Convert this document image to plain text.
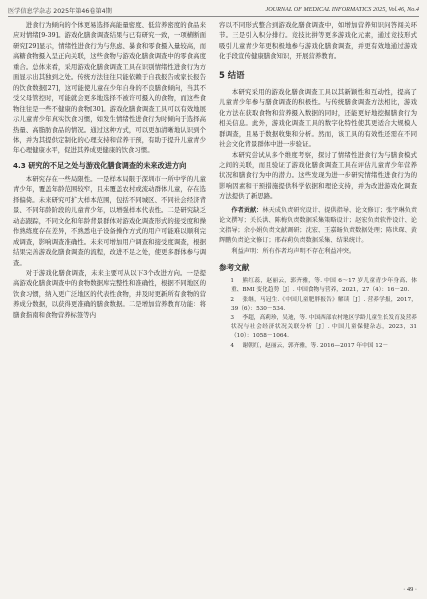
医学信息学杂志 2025年第46卷第4期	JOURNAL OF MEDICAL INFORMATICS 2025, Vol.46, No.4

进食行为倾向的个体更易选择高能量密度、低营养密度的食品来应对情绪[9-39]。游戏化膳食调查结果与已有研究一致，一项横断面研究[29]显示，情绪性进食行为与焦虑、暴食和零食摄入量较高，而高糖食物摄入呈正向关联，这些食物与游戏化膳食调查中的零食高度重合。总体来看，采用游戏化膳食调查工具在识别情绪性进食行为方面显示出其独到之处。传统方法往往只能依赖于自我报告或家长报告的饮食数据[27]，这可能使儿童在少年自身的不良膳食倾向，当其不受父母管控时，可能就会更多地选择不被许可摄入的食物，而这些食物往往是一些不健康的食物[30]。游戏化膳食调查工具可以有效地展示儿童青少年真实饮食习惯，如发生情绪性进食行为时倾向于选择高热量、高脂肪食品的情况。通过这种方式，可以更加清晰地认识到个体，并为其提供定制化的心理支持和营养干预，有助于提升儿童青少年心理健康水平，促进其养成更健康的饮食习惯。

4.3 研究的不足之处与游戏化膳食调查的未来改进方向

本研究存在一些局限性。一是样本局限于深圳市一所中学的儿童青少年，覆盖年龄范围较窄，且未覆盖农村或流动群体儿童，存在选择偏倚。未来研究可扩大样本范围，包括不同城区、不同社会经济背景、不同年龄阶段的儿童青少年，以增强样本代表性。二是研究缺乏动态跟踪，不同文化和年龄背景群体对游戏化调查形式的接受度和操作熟练度存在差异，不熟悉电子设备操作方式的用户可能难以顺利完成调查，影响调查准确性。未来可增加用户调查和接受度调查，根据结果完善游戏化膳食调查的流程，改进不足之处，使更多群体参与调查。

对于游戏化膳食调查，未来主要可从以下3个改进方向。一是提高游戏化膳食调查中的食物数据库完整性和准确性，根据不同地区的饮食习惯，纳入更广泛地区的代表性食物，并及时更新所有食物的营养成分数据，以获得更准确的膳食数据。二是增加营养教育功能：将膳食指南和食物营养标签等内

容以不同形式整合到游戏化膳食调查中，如增加营养知识问答闯关环节。三是引入积分排行。竞技比拼等更多游戏化元素，通过竞技形式吸引儿童青少年更积极地参与游戏化膳食调查，并更有效地通过游戏化手段宣传健康膳食知识，开展营养教育。

5 结语

本研究采用的游戏化膳食调查工具以其新颖性和互动性，提高了儿童青少年参与膳食调查的积极性。与传统膳食调查方法相比，游戏化方法在获取食物和营养摄入数据的同时，还能更好地挖掘膳食行为相关信息。此外，游戏化调查工具的数字化特性使其更适合大规模人群调查，且易于数据收集和分析。然而，该工具的有效性还需在不同社会文化背景群体中进一步验证。

本研究尝试从多个维度考察，探讨了情绪性进食行为与膳食模式之间的关联，而且验证了游戏化膳食调查工具在评估儿童青少年营养状况和膳食行为中的潜力。这些发现为进一步研究情绪性进食行为的影响因素和干预措施提供科学依据和理论支持，并为改进游戏化调查方法提供了新思路。

作者贡献：林天成负责研究设计、提供指导、论文修订；张宇琳负责论文撰写；关长洪、陈梅负责数据采集策略设计；赵宏负责软件设计、论文指导；余小娟负责文献调研；沈宏、王嘉旸负责数据处理；陈世琛、黄辉鹏负责论文修订；邢春莉负责数据采集、结果统计。

利益声明：所有作者均声明不存在利益冲突。

参考文献

1 熊红蕊，赵丽云，郭齐雅，等. 中国 6～17 岁儿童青少年身高、体重、BMI 变化趋势［J］. 中国食物与营养，2021，27（4）：16－20.

2 张继，马冠生.《中国儿童肥胖报告》解读［J］. 营养学报，2017，39（6）：530－534.

3 李超，高莉珍，吴迪，等. 中国西部农村地区学龄儿童生长发育及营养状况与社会经济状况关联分析［J］. 中国儿童保健杂志，2023，31（10）：1058－1064.

4 谢朝红，赵丽云，郭齐雅，等. 2016—2017 年中国 12－

· 49 ·
